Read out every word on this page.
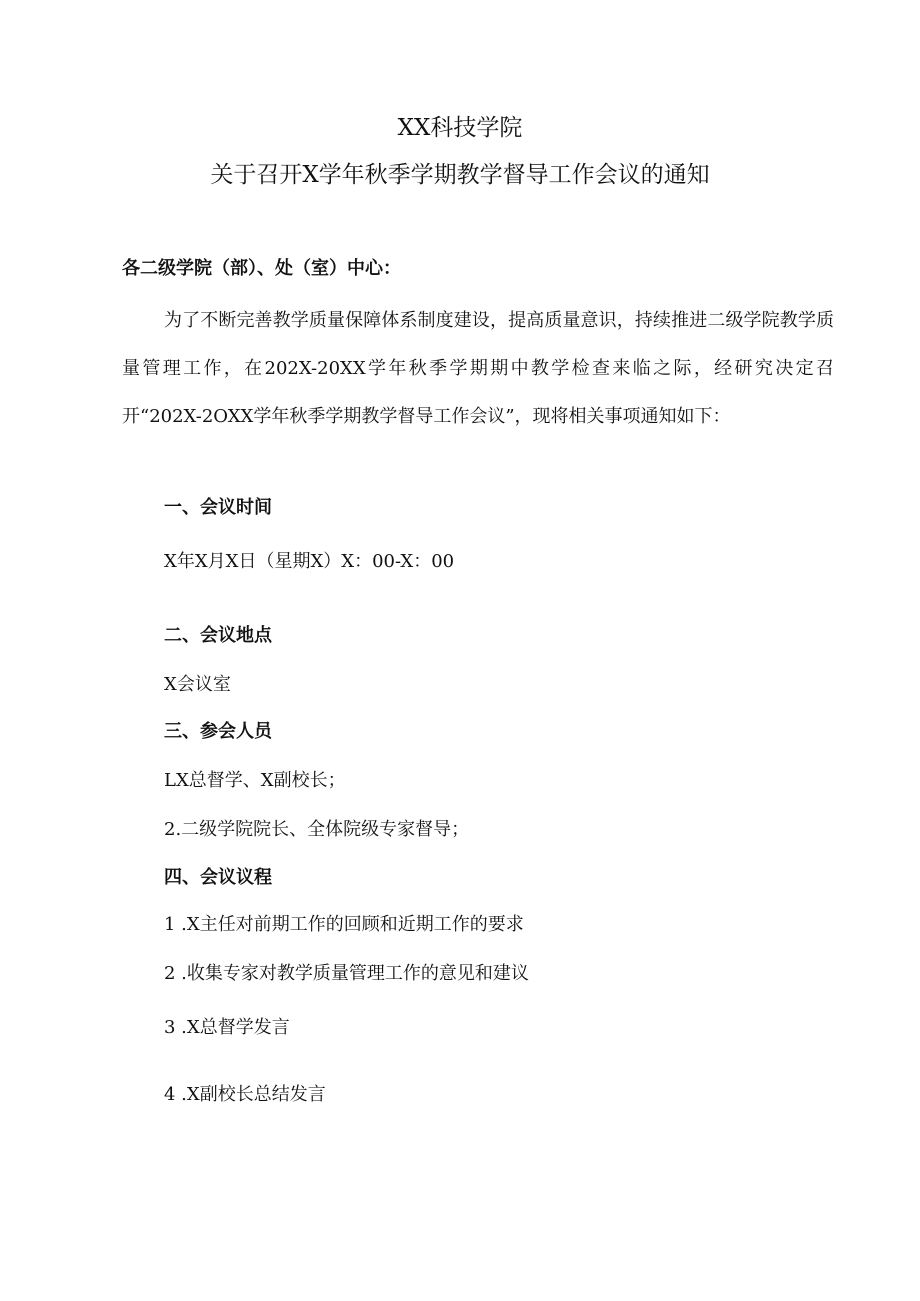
XX科技学院
关于召开X学年秋季学期教学督导工作会议的通知
各二级学院（部）、处（室）中心：
为了不断完善教学质量保障体系制度建设，提高质量意识，持续推进二级学院教学质量管理工作，在202X-20XX学年秋季学期期中教学检查来临之际，经研究决定召开“202X-2OXX学年秋季学期教学督导工作会议”，现将相关事项通知如下：
一、会议时间
X年X月X日（星期X）X：00-X：00
二、会议地点
X会议室
三、参会人员
LX总督学、X副校长；
2.二级学院院长、全体院级专家督导；
四、会议议程
1 .X主任对前期工作的回顾和近期工作的要求
2 .收集专家对教学质量管理工作的意见和建议
3 .X总督学发言
4 .X副校长总结发言
